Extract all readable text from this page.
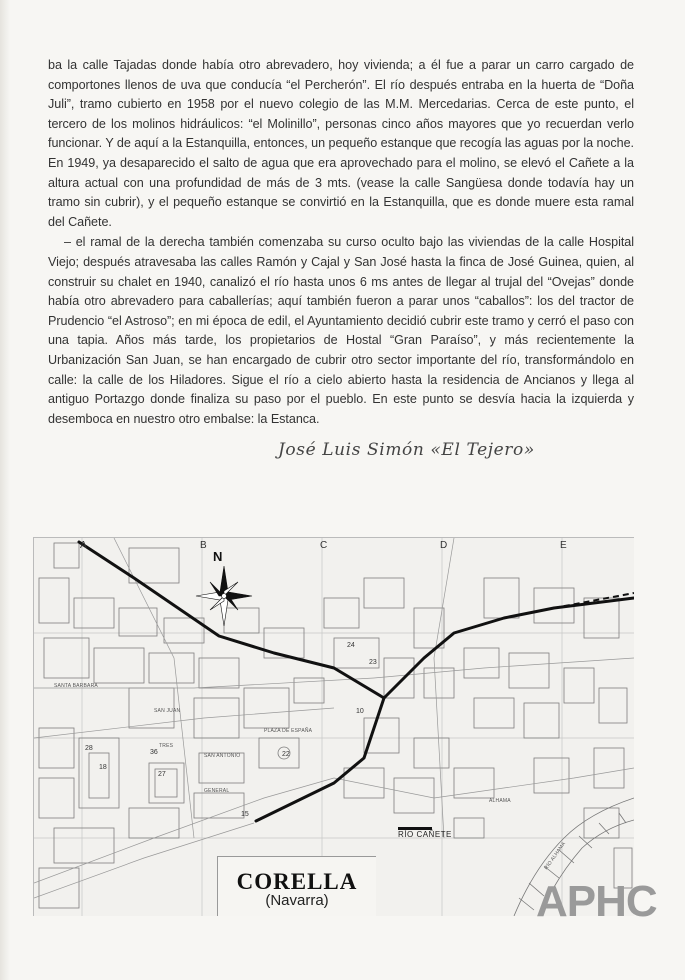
ba la calle Tajadas donde había otro abrevadero, hoy vivienda; a él fue a parar un carro cargado de comportones llenos de uva que conducía “el Percherón”. El río después entraba en la huerta de “Doña Juli”, tramo cubierto en 1958 por el nuevo colegio de las M.M. Mercedarias. Cerca de este punto, el tercero de los molinos hidráulicos: “el Molinillo”, personas cinco años mayores que yo recuerdan verlo funcionar. Y de aquí a la Estanquilla, entonces, un pequeño estanque que recogía las aguas por la noche. En 1949, ya desaparecido el salto de agua que era aprovechado para el molino, se elevó el Cañete a la altura actual con una profundidad de más de 3 mts. (vease la calle Sangüesa donde todavía hay un tramo sin cubrir), y el pequeño estanque se convirtió en la Estanquilla, que es donde muere esta ramal del Cañete.

– el ramal de la derecha también comenzaba su curso oculto bajo las viviendas de la calle Hospital Viejo; después atravesaba las calles Ramón y Cajal y San José hasta la finca de José Guinea, quien, al construir su chalet en 1940, canalizó el río hasta unos 6 ms antes de llegar al trujal del “Ovejas” donde había otro abrevadero para caballerías; aquí también fueron a parar unos “caballos”: los del tractor de Prudencio “el Astroso”; en mi época de edil, el Ayuntamiento decidió cubrir este tramo y cerró el paso con una tapia. Años más tarde, los propietarios de Hostal “Gran Paraíso”, y más recientemente la Urbanización San Juan, se han encargado de cubrir otro sector importante del río, transformándolo en calle: la calle de los Hiladores. Sigue el río a cielo abierto hasta la residencia de Ancianos y llega al antiguo Portazgo donde finaliza su paso por el pueblo. En este punto se desvía hacia la izquierda y desemboca en nuestro otro embalse: la Estanca.

José Luis Simón «El Tejero»
N
A	B	C	D	E
SANTA BARBARA
SAN JUAN
GENERAL
ALHAMA
PLAZA DE ESPAÑA
TRES
SAN ANTONIO
RÍO ALHAMA
28
18
36
27
22
15
10
23
24
RÍO CAÑETE
CORELLA
(Navarra)	APHC
